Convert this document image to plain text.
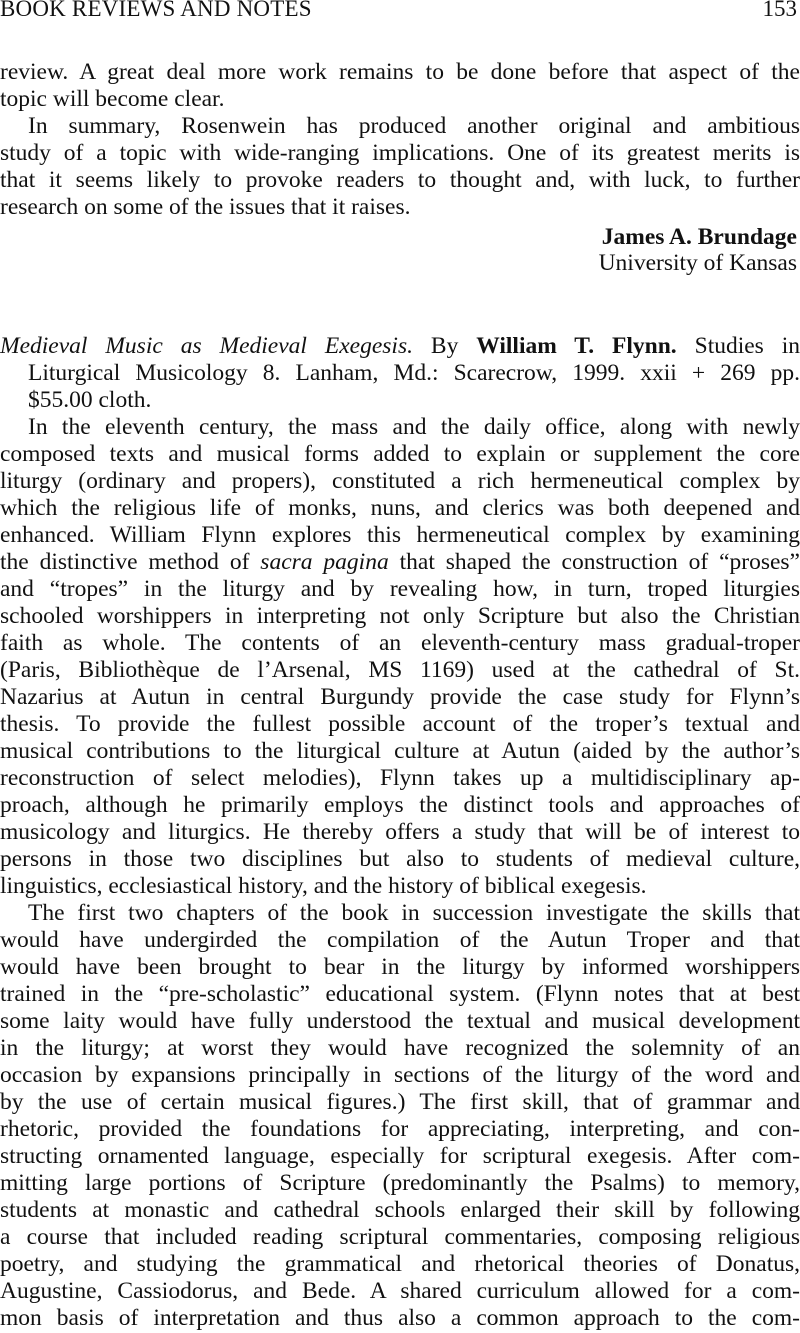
BOOK REVIEWS AND NOTES	153
review. A great deal more work remains to be done before that aspect of the
topic will become clear.
In summary, Rosenwein has produced another original and ambitious
study of a topic with wide-ranging implications. One of its greatest merits is
that it seems likely to provoke readers to thought and, with luck, to further
research on some of the issues that it raises.
James A. Brundage
University of Kansas
Medieval Music as Medieval Exegesis. By William T. Flynn. Studies in
Liturgical Musicology 8. Lanham, Md.: Scarecrow, 1999. xxii + 269 pp.
$55.00 cloth.
In the eleventh century, the mass and the daily office, along with newly
composed texts and musical forms added to explain or supplement the core
liturgy (ordinary and propers), constituted a rich hermeneutical complex by
which the religious life of monks, nuns, and clerics was both deepened and
enhanced. William Flynn explores this hermeneutical complex by examining
the distinctive method of sacra pagina that shaped the construction of “proses”
and “tropes” in the liturgy and by revealing how, in turn, troped liturgies
schooled worshippers in interpreting not only Scripture but also the Christian
faith as whole. The contents of an eleventh-century mass gradual-troper
(Paris, Bibliothèque de l’Arsenal, MS 1169) used at the cathedral of St.
Nazarius at Autun in central Burgundy provide the case study for Flynn’s
thesis. To provide the fullest possible account of the troper’s textual and
musical contributions to the liturgical culture at Autun (aided by the author’s
reconstruction of select melodies), Flynn takes up a multidisciplinary ap-
proach, although he primarily employs the distinct tools and approaches of
musicology and liturgics. He thereby offers a study that will be of interest to
persons in those two disciplines but also to students of medieval culture,
linguistics, ecclesiastical history, and the history of biblical exegesis.
The first two chapters of the book in succession investigate the skills that
would have undergirded the compilation of the Autun Troper and that
would have been brought to bear in the liturgy by informed worshippers
trained in the “pre-scholastic” educational system. (Flynn notes that at best
some laity would have fully understood the textual and musical development
in the liturgy; at worst they would have recognized the solemnity of an
occasion by expansions principally in sections of the liturgy of the word and
by the use of certain musical figures.) The first skill, that of grammar and
rhetoric, provided the foundations for appreciating, interpreting, and con-
structing ornamented language, especially for scriptural exegesis. After com-
mitting large portions of Scripture (predominantly the Psalms) to memory,
students at monastic and cathedral schools enlarged their skill by following
a course that included reading scriptural commentaries, composing religious
poetry, and studying the grammatical and rhetorical theories of Donatus,
Augustine, Cassiodorus, and Bede. A shared curriculum allowed for a com-
mon basis of interpretation and thus also a common approach to the com-
